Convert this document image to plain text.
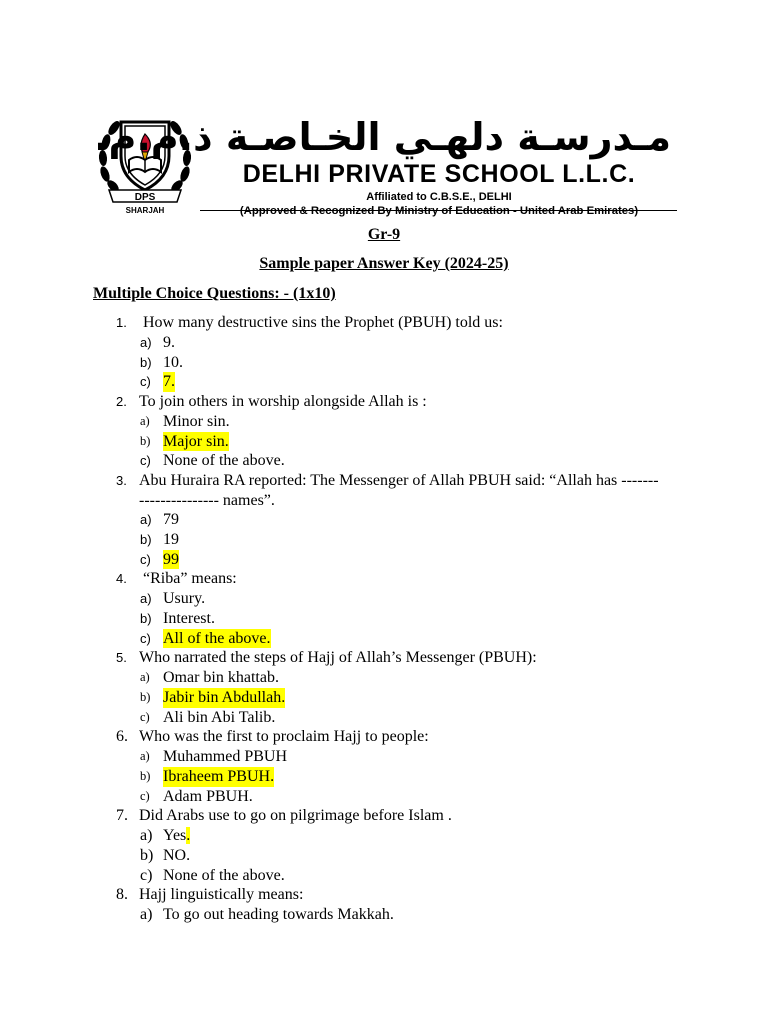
DPS
SHARJAH
مـدرسـة دلهـي الخـاصـة ذ.م.م.
DELHI PRIVATE SCHOOL L.L.C.
Affiliated to C.B.S.E., DELHI
(Approved & Recognized By Ministry of Education - United Arab Emirates)
Gr-9
Sample paper Answer Key (2024-25)
Multiple Choice Questions: - (1x10)
1. How many destructive sins the Prophet (PBUH) told us:
a) 9.
b) 10.
c) 7.
2. To join others in worship alongside Allah is :
a) Minor sin.
b) Major sin.
c) None of the above.
3. Abu Huraira RA reported: The Messenger of Allah PBUH said: “Allah has ---------------------- names”.
a) 79
b) 19
c) 99
4. “Riba” means:
a) Usury.
b) Interest.
c) All of the above.
5. Who narrated the steps of Hajj of Allah’s Messenger (PBUH):
a) Omar bin khattab.
b) Jabir bin Abdullah.
c) Ali bin Abi Talib.
6. Who was the first to proclaim Hajj to people:
a) Muhammed PBUH
b) Ibraheem PBUH.
c) Adam PBUH.
7. Did Arabs use to go on pilgrimage before Islam .
a) Yes.
b) NO.
c) None of the above.
8. Hajj linguistically means:
a) To go out heading towards Makkah.
